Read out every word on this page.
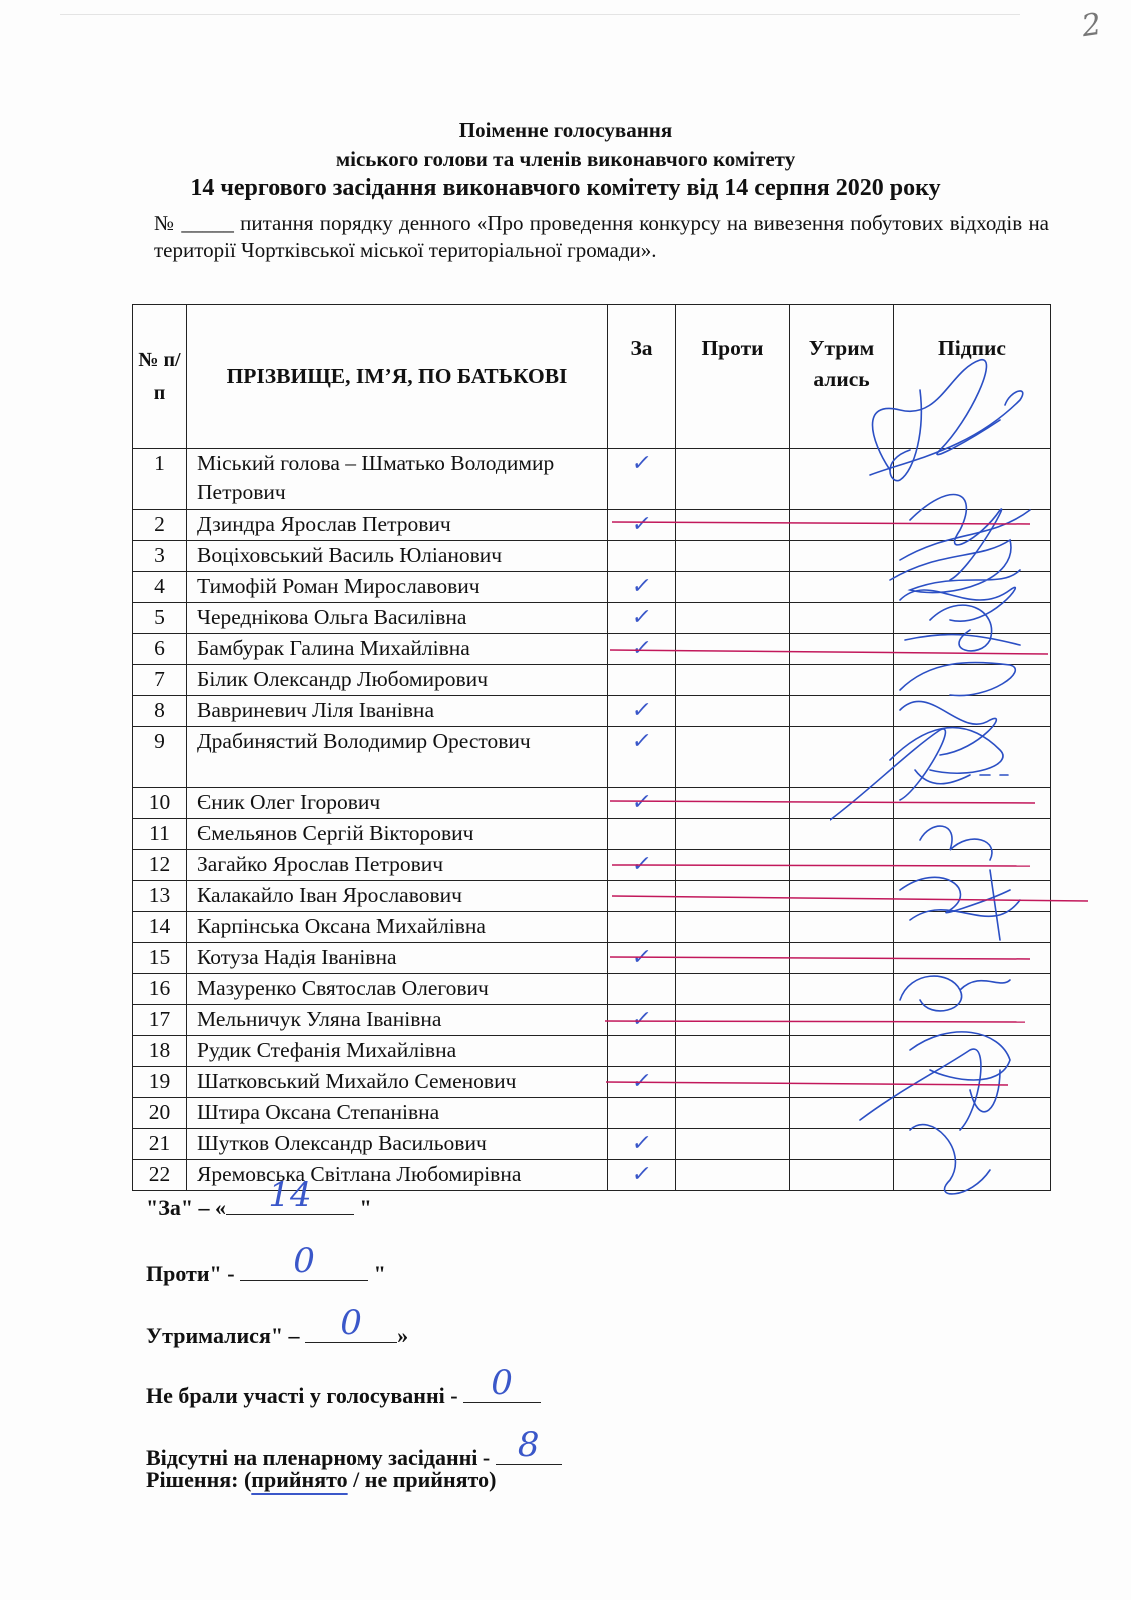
2
Поіменне голосування
міського голови та членів виконавчого комітету
14 чергового засідання виконавчого комітету від 14 серпня 2020 року
№ _____ питання порядку денного «Про проведення конкурсу на вивезення побутових відходів на території Чортківської міської територіальної громади».
№ п/ п	ПРІЗВИЩЕ, ІМ’Я, ПО БАТЬКОВІ	За	Проти	Утрим ались	Підпис
1	Міський голова – Шматько Володимир Петрович	✓			

2	Дзиндра Ярослав Петрович	✓			

3	Воціховський Василь Юліанович	

4	Тимофій Роман Мирославович	✓			

5	Череднікова Ольга Василівна	✓			

6	Бамбурак Галина Михайлівна	✓			

7	Білик Олександр Любомирович	

8	Вавриневич Ліля Іванівна	✓			

9	Драбинястий Володимир Орестович	✓			

10	Єник Олег Ігорович	✓			

11	Ємельянов Сергій Вікторович	

12	Загайко Ярослав Петрович	✓			

13	Калакайло Іван Ярославович	

14	Карпінська Оксана Михайлівна	

15	Котуза Надія Іванівна	✓			

16	Мазуренко Святослав Олегович	

17	Мельничук Уляна Іванівна	✓			

18	Рудик Стефанія Михайлівна	

19	Шатковський Михайло Семенович	✓			

20	Штира Оксана Степанівна	

21	Шутков Олександр Васильович	✓			

22	Яремовська Світлана Любомирівна	✓			

"За" – «	14	"
Проти" -	0	"
Утрималися" –	0	»
Не брали участі у голосуванні - 0
Відсутні на пленарному засіданні - 8
Рішення: (прийнято / не прийнято)
